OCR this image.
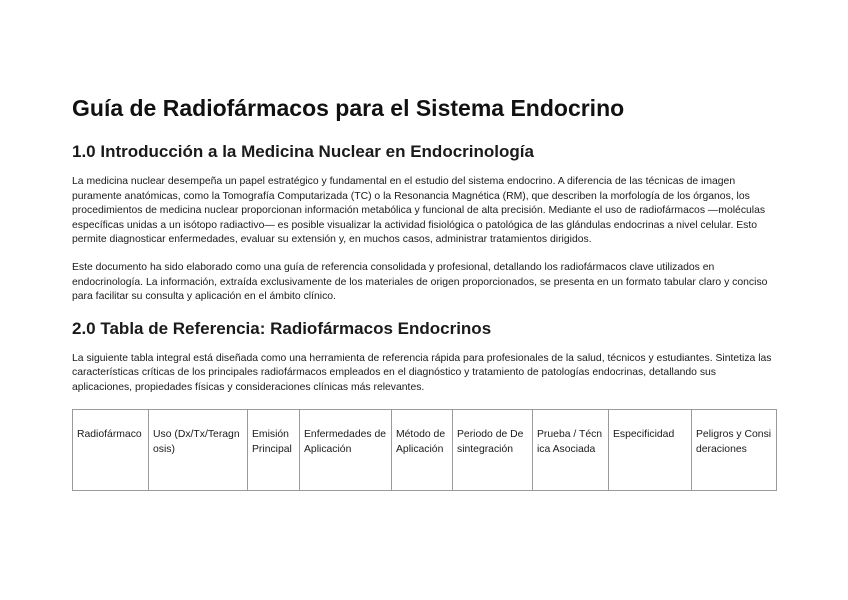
Guía de Radiofármacos para el Sistema Endocrino
1.0 Introducción a la Medicina Nuclear en Endocrinología

La medicina nuclear desempeña un papel estratégico y fundamental en el estudio del sistema endocrino. A diferencia de las técnicas de imagen puramente anatómicas, como la Tomografía Computarizada (TC) o la Resonancia Magnética (RM), que describen la morfología de los órganos, los procedimientos de medicina nuclear proporcionan información metabólica y funcional de alta precisión. Mediante el uso de radiofármacos —moléculas específicas unidas a un isótopo radiactivo— es posible visualizar la actividad fisiológica o patológica de las glándulas endocrinas a nivel celular. Esto permite diagnosticar enfermedades, evaluar su extensión y, en muchos casos, administrar tratamientos dirigidos.

Este documento ha sido elaborado como una guía de referencia consolidada y profesional, detallando los radiofármacos clave utilizados en endocrinología. La información, extraída exclusivamente de los materiales de origen proporcionados, se presenta en un formato tabular claro y conciso para facilitar su consulta y aplicación en el ámbito clínico.

2.0 Tabla de Referencia: Radiofármacos Endocrinos

La siguiente tabla integral está diseñada como una herramienta de referencia rápida para profesionales de la salud, técnicos y estudiantes. Sintetiza las características críticas de los principales radiofármacos empleados en el diagnóstico y tratamiento de patologías endocrinas, detallando sus aplicaciones, propiedades físicas y consideraciones clínicas más relevantes.

Radiofármaco	Uso (Dx/Tx/Teragnosis)	Emisión Principal	Enfermedades de Aplicación	Método de Aplicación	Periodo de Desintegración	Prueba / Técnica Asociada	Especificidad	Peligros y Consideraciones
